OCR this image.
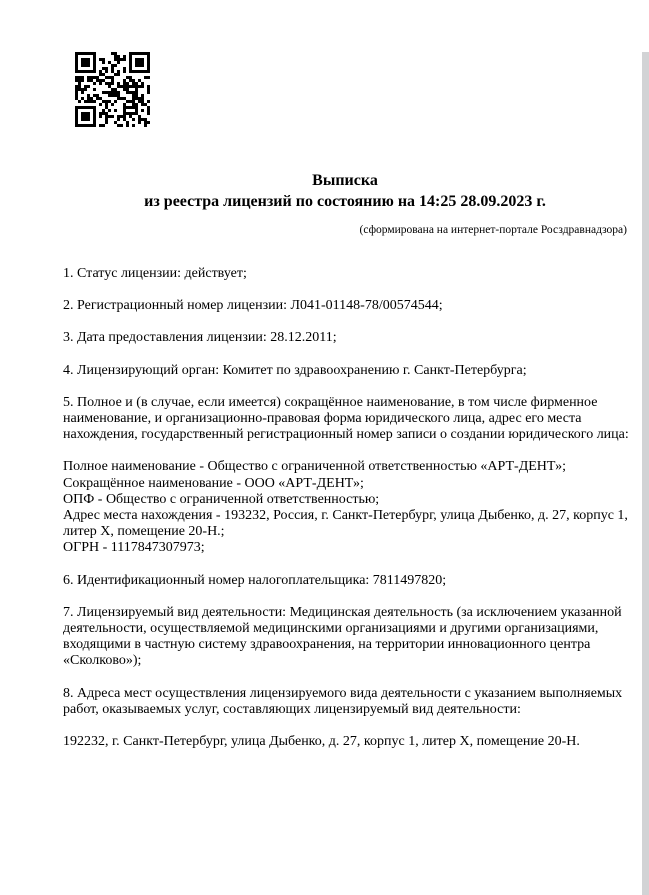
Выписка
из реестра лицензий по состоянию на 14:25 28.09.2023 г.
(сформирована на интернет-портале Росздравнадзора)

1. Статус лицензии: действует;

2. Регистрационный номер лицензии: Л041-01148-78/00574544;

3. Дата предоставления лицензии: 28.12.2011;

4. Лицензирующий орган: Комитет по здравоохранению г. Санкт-Петербурга;

5. Полное и (в случае, если имеется) сокращённое наименование, в том числе фирменное
наименование, и организационно-правовая форма юридического лица, адрес его места
нахождения, государственный регистрационный номер записи о создании юридического лица:

Полное наименование - Общество с ограниченной ответственностью «АРТ-ДЕНТ»;
Сокращённое наименование - ООО «АРТ-ДЕНТ»;
ОПФ - Общество с ограниченной ответственностью;
Адрес места нахождения - 193232, Россия, г. Санкт-Петербург, улица Дыбенко, д. 27, корпус 1,
литер Х, помещение 20-Н.;
ОГРН - 1117847307973;

6. Идентификационный номер налогоплательщика: 7811497820;

7. Лицензируемый вид деятельности: Медицинская деятельность (за исключением указанной
деятельности, осуществляемой медицинскими организациями и другими организациями,
входящими в частную систему здравоохранения, на территории инновационного центра
«Сколково»);

8. Адреса мест осуществления лицензируемого вида деятельности с указанием выполняемых
работ, оказываемых услуг, составляющих лицензируемый вид деятельности:

192232, г. Санкт-Петербург, улица Дыбенко, д. 27, корпус 1, литер Х, помещение 20-Н.
